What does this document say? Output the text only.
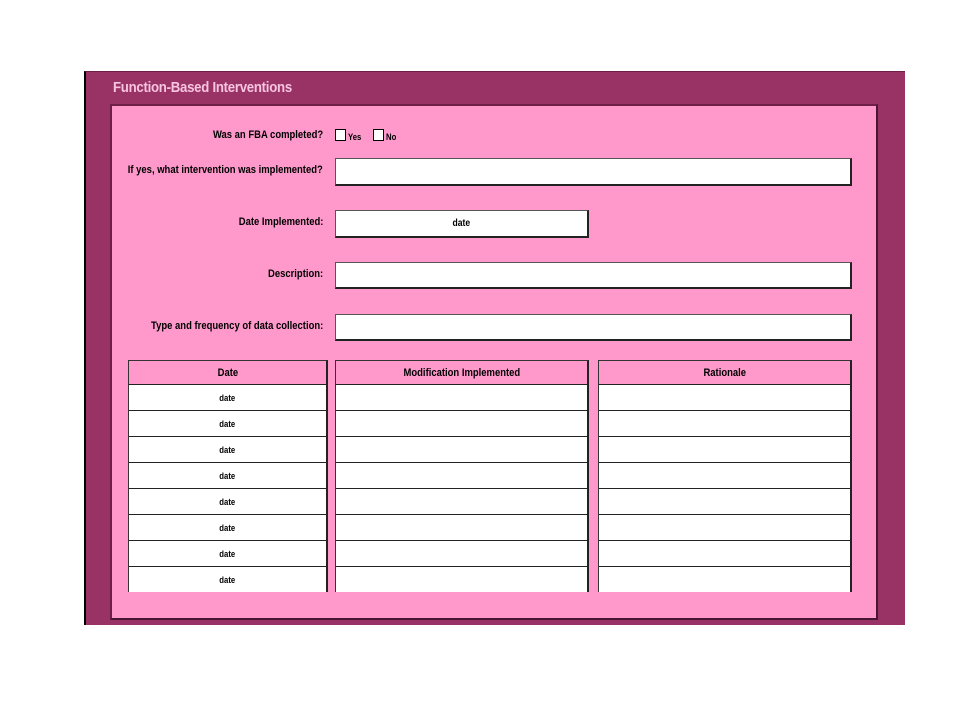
Function-Based Interventions
Was an FBA completed?	Yes	No
If yes, what intervention was implemented?
Date Implemented:	date
Description:
Type and frequency of data collection:
Date	Modification Implemented	Rationale
date
date
date
date
date
date
date
date
